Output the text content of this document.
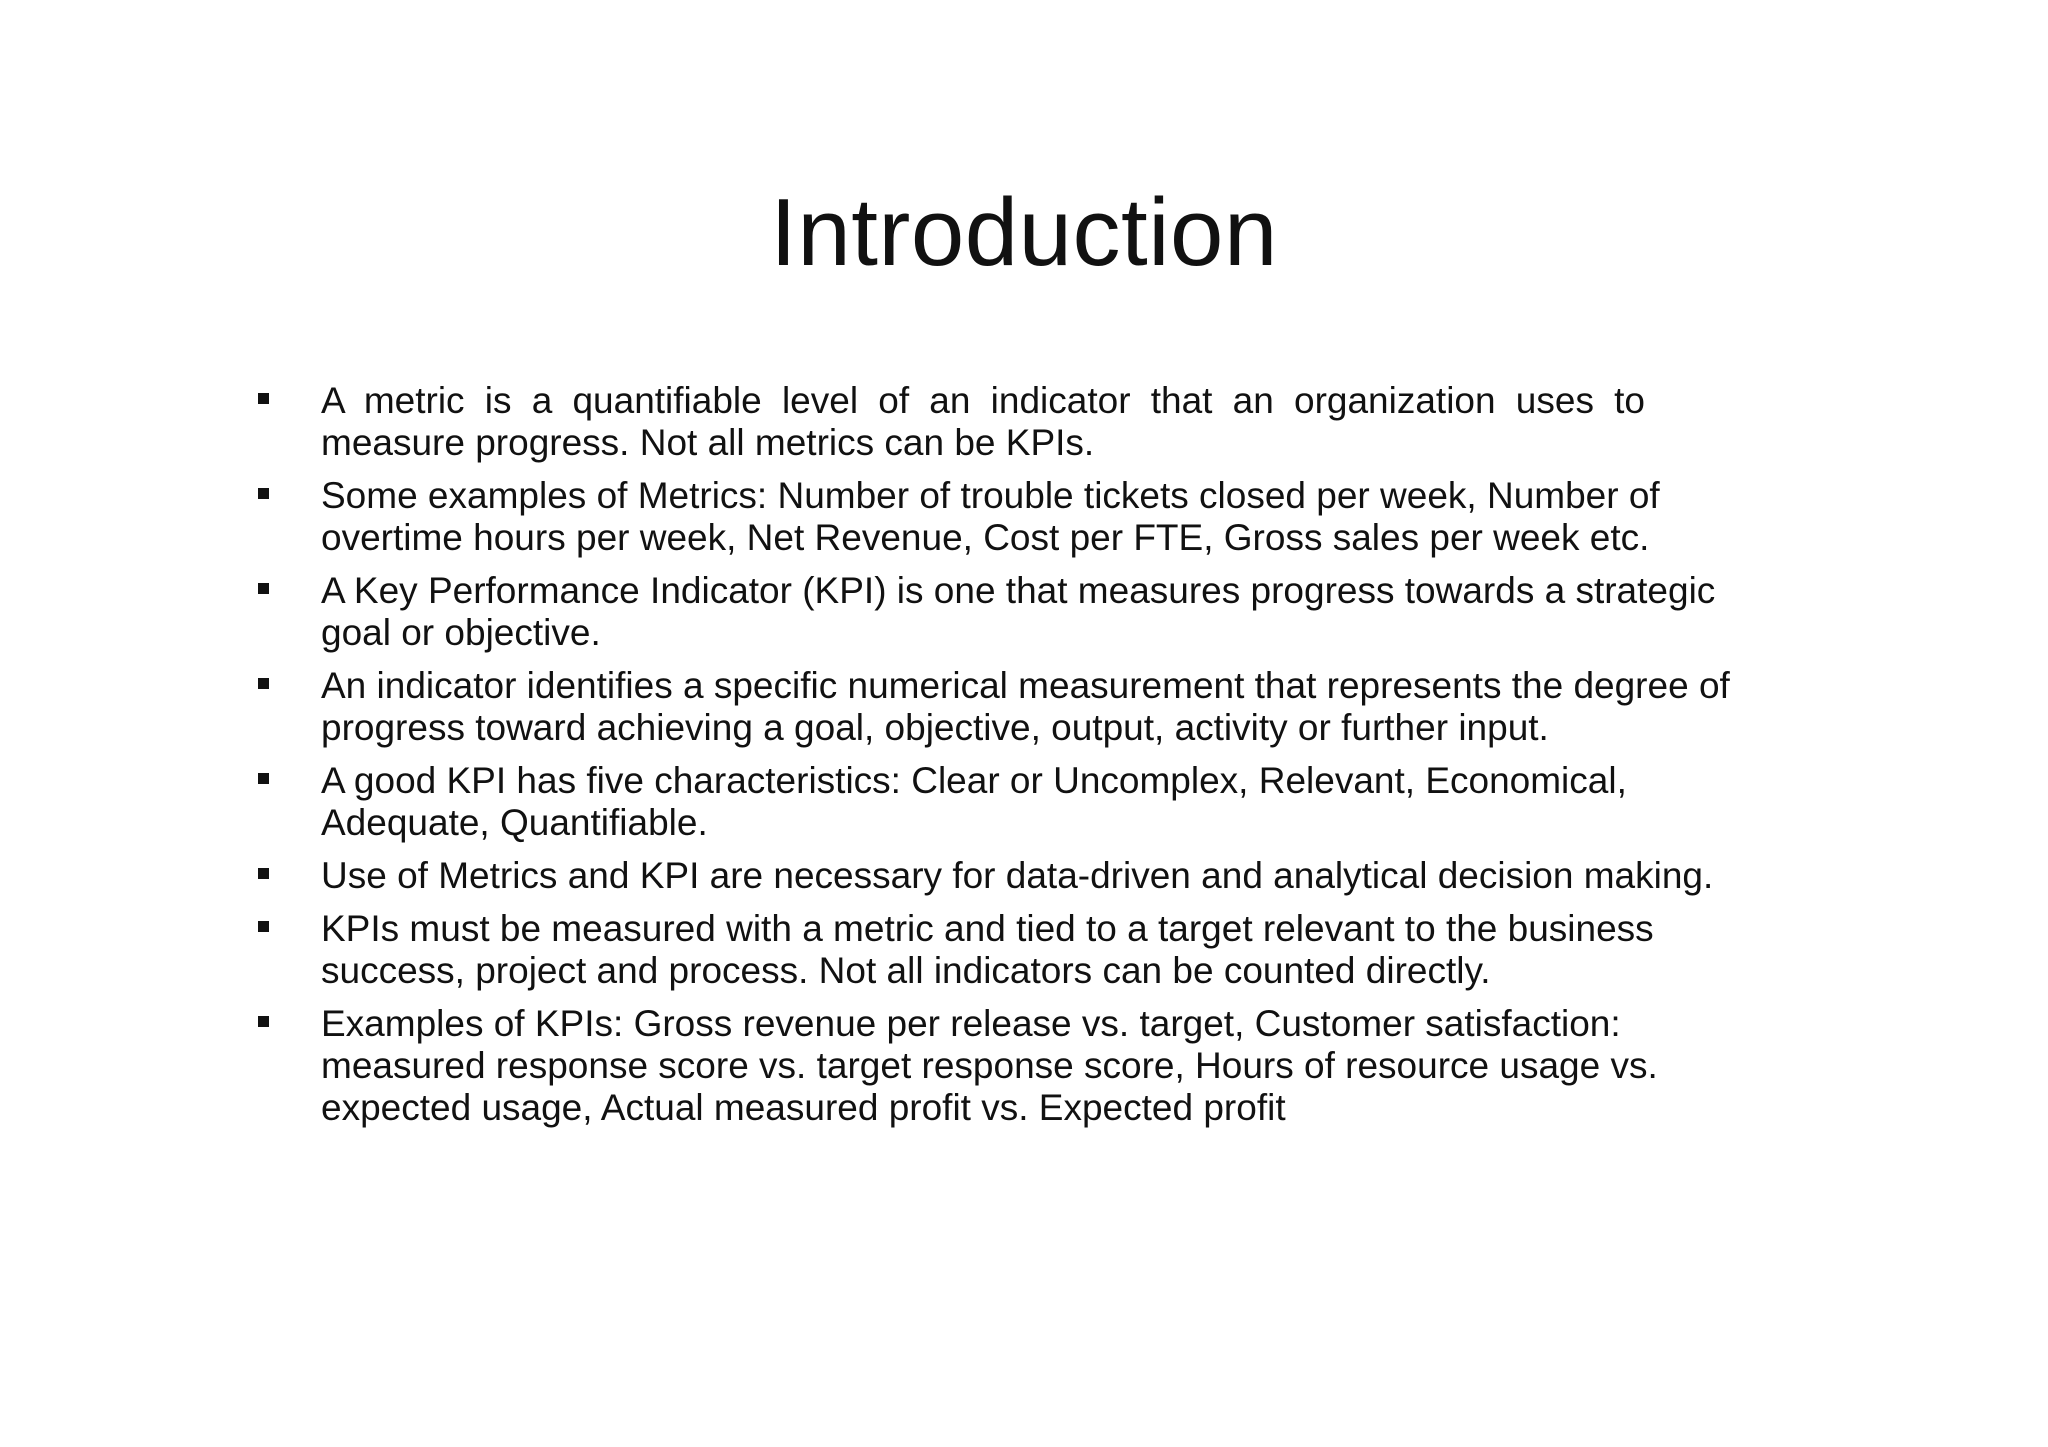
Introduction
A metric is a quantifiable level of an indicator that an organization uses to measure progress. Not all metrics can be KPIs.
Some examples of Metrics: Number of trouble tickets closed per week, Number of overtime hours per week, Net Revenue, Cost per FTE, Gross sales per week etc.
A Key Performance Indicator (KPI) is one that measures progress towards a strategic goal or objective.
An indicator identifies a specific numerical measurement that represents the degree of progress toward achieving a goal, objective, output, activity or further input.
A good KPI has five characteristics: Clear or Uncomplex, Relevant, Economical, Adequate, Quantifiable.
Use of Metrics and KPI are necessary for data-driven and analytical decision making.
KPIs must be measured with a metric and tied to a target relevant to the business success, project and process. Not all indicators can be counted directly.
Examples of KPIs: Gross revenue per release vs. target, Customer satisfaction: measured response score vs. target response score, Hours of resource usage vs. expected usage, Actual measured profit vs. Expected profit
